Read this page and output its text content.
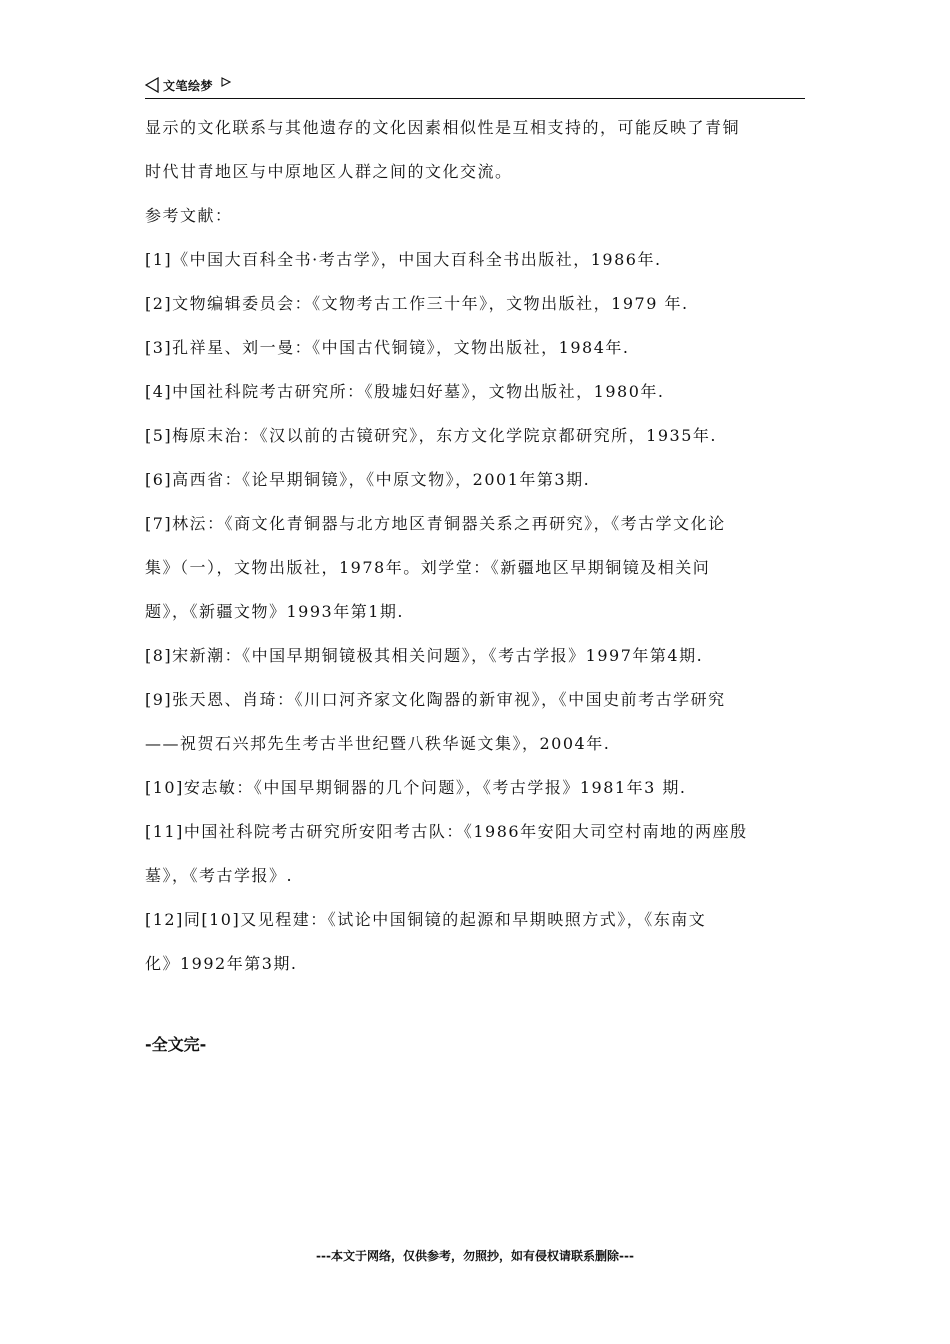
文笔绘梦
显示的文化联系与其他遗存的文化因素相似性是互相支持的，可能反映了青铜
时代甘青地区与中原地区人群之间的文化交流。
参考文献：
[1]《中国大百科全书·考古学》，中国大百科全书出版社，1986年.
[2]文物编辑委员会：《文物考古工作三十年》，文物出版社，1979 年.
[3]孔祥星、刘一曼：《中国古代铜镜》，文物出版社，1984年.
[4]中国社科院考古研究所：《殷墟妇好墓》，文物出版社，1980年.
[5]梅原末治：《汉以前的古镜研究》，东方文化学院京都研究所，1935年.
[6]高西省：《论早期铜镜》，《中原文物》，2001年第3期.
[7]林沄：《商文化青铜器与北方地区青铜器关系之再研究》，《考古学文化论
集》（一），文物出版社，1978年。刘学堂：《新疆地区早期铜镜及相关问
题》，《新疆文物》1993年第1期.
[8]宋新潮：《中国早期铜镜极其相关问题》，《考古学报》1997年第4期.
[9]张天恩、肖琦：《川口河齐家文化陶器的新审视》，《中国史前考古学研究
——祝贺石兴邦先生考古半世纪暨八秩华诞文集》，2004年.
[10]安志敏：《中国早期铜器的几个问题》，《考古学报》1981年3 期.
[11]中国社科院考古研究所安阳考古队：《1986年安阳大司空村南地的两座殷
墓》，《考古学报》.
[12]同[10]又见程建：《试论中国铜镜的起源和早期映照方式》，《东南文
化》1992年第3期.
-全文完-
---本文于网络，仅供参考，勿照抄，如有侵权请联系删除---
